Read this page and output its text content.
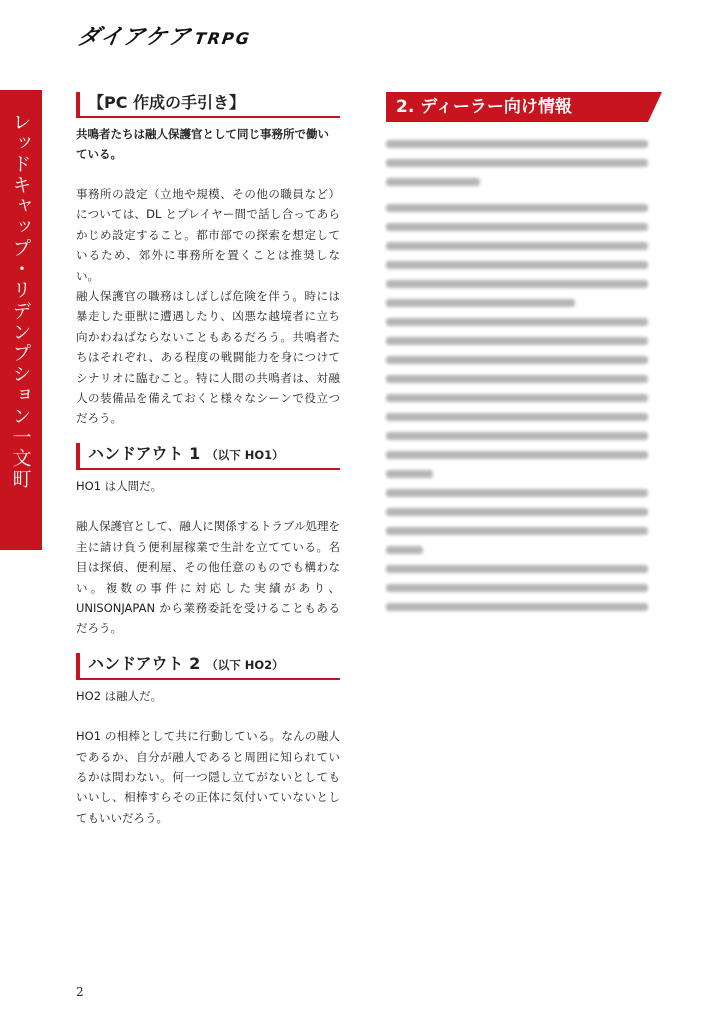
ダイアケアTRPG
レッドキャップ・リデンプション一文町
【PC 作成の手引き】

共鳴者たちは融人保護官として同じ事務所で働いている。

事務所の設定（立地や規模、その他の職員など）については、DL とプレイヤー間で話し合ってあらかじめ設定すること。都市部での探索を想定しているため、郊外に事務所を置くことは推奨しない。

融人保護官の職務はしばしば危険を伴う。時には暴走した亜獣に遭遇したり、凶悪な越境者に立ち向かわねばならないこともあるだろう。共鳴者たちはそれぞれ、ある程度の戦闘能力を身につけてシナリオに臨むこと。特に人間の共鳴者は、対融人の装備品を備えておくと様々なシーンで役立つだろう。

ハンドアウト 1 （以下 HO1）

HO1 は人間だ。

融人保護官として、融人に関係するトラブル処理を主に請け負う便利屋稼業で生計を立てている。名目は探偵、便利屋、その他任意のものでも構わない。複数の事件に対応した実績があり、UNISONJAPAN から業務委託を受けることもあるだろう。

ハンドアウト 2 （以下 HO2）

HO2 は融人だ。

HO1 の相棒として共に行動している。なんの融人であるか、自分が融人であると周囲に知られているかは問わない。何一つ隠し立てがないとしてもいいし、相棒すらその正体に気付いていないとしてもいいだろう。

2. ディーラー向け情報
2
